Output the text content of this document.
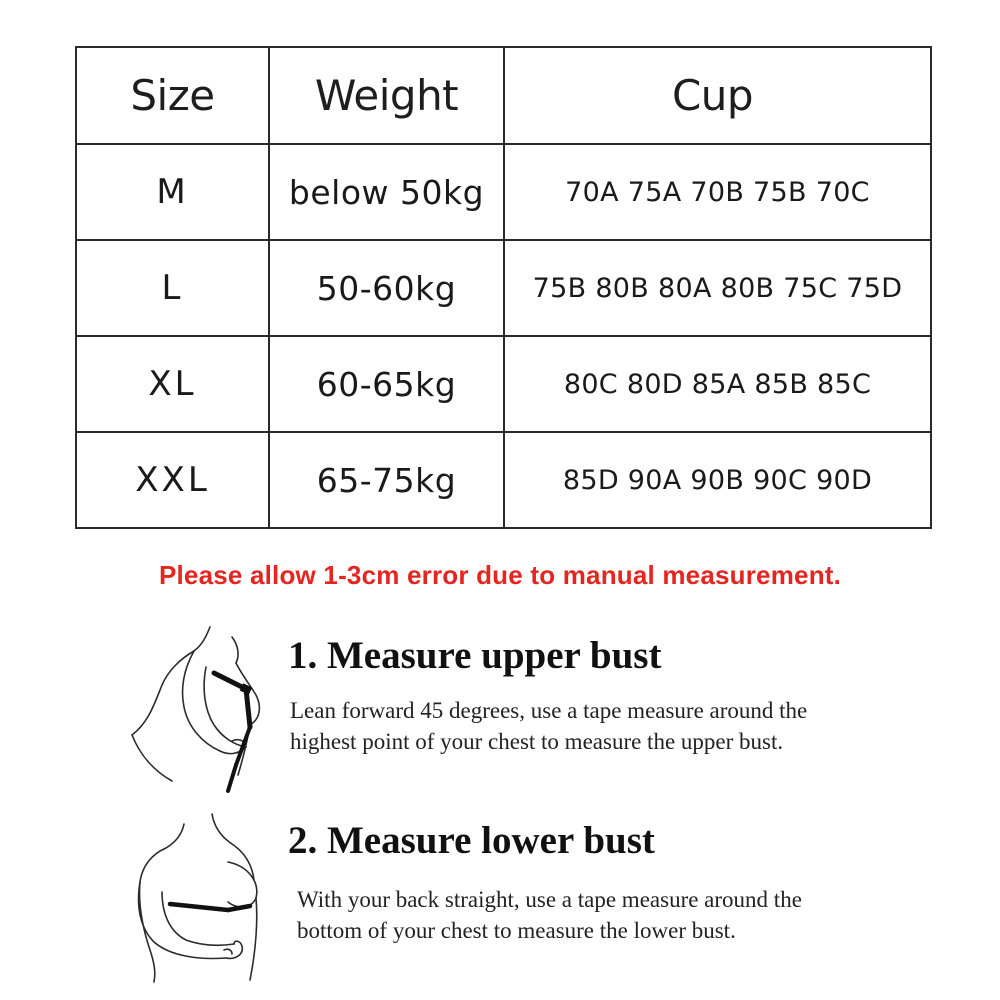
Size	Weight	Cup
M	below 50kg	70A 75A 70B 75B 70C
L	50-60kg	75B 80B 80A 80B 75C 75D
XL	60-65kg	80C 80D 85A 85B 85C
XXL	65-75kg	85D 90A 90B 90C 90D
Please allow 1-3cm error due to manual measurement.
1. Measure upper bust
Lean forward 45 degrees, use a tape measure around the
highest point of your chest to measure the upper bust.
2. Measure lower bust
With your back straight, use a tape measure around the
bottom of your chest to measure the lower bust.
